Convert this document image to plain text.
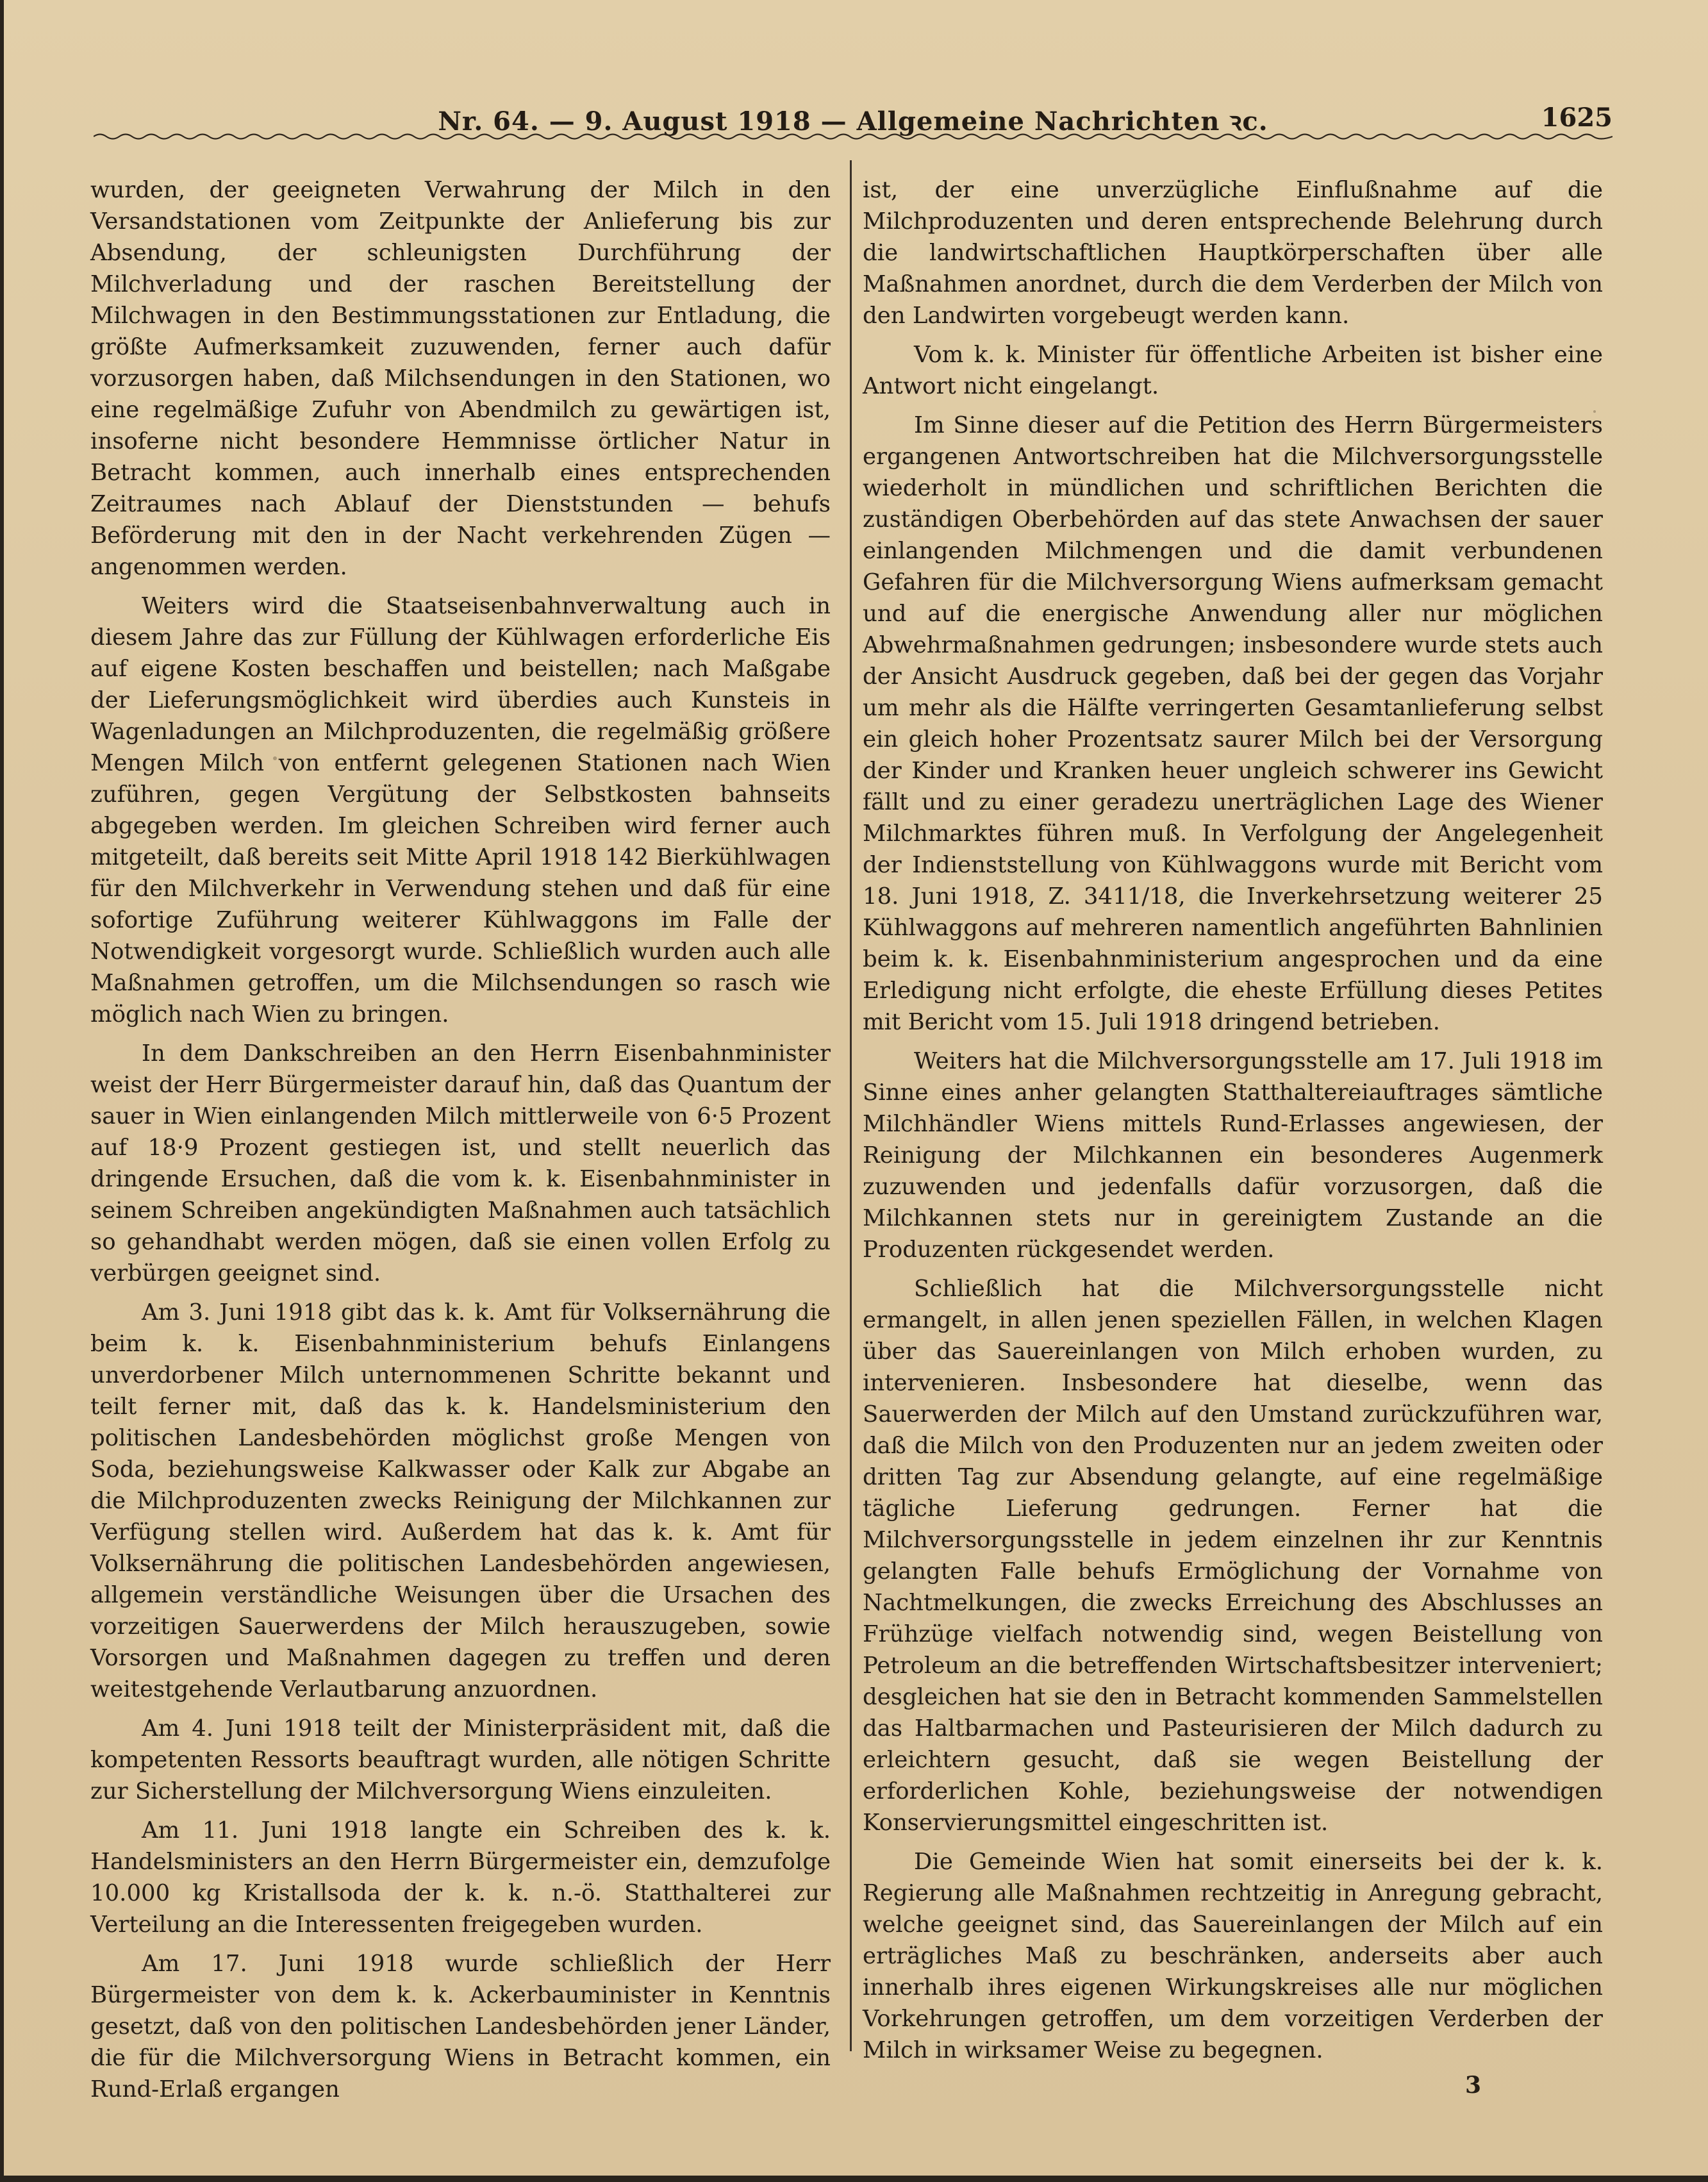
Nr. 64. — 9. August 1918 — Allgemeine Nachrichten ꝛc.	1625

wurden, der geeigneten Verwahrung der Milch in den Versandstationen vom Zeitpunkte der Anlieferung bis zur Absendung, der schleunigsten Durchführung der Milchverladung und der raschen Bereitstellung der Milchwagen in den Bestimmungsstationen zur Entladung, die größte Aufmerksamkeit zuzuwenden, ferner auch dafür vorzusorgen haben, daß Milchsendungen in den Stationen, wo eine regelmäßige Zufuhr von Abendmilch zu gewärtigen ist, insoferne nicht besondere Hemmnisse örtlicher Natur in Betracht kommen, auch innerhalb eines entsprechenden Zeitraumes nach Ablauf der Dienststunden — behufs Beförderung mit den in der Nacht verkehrenden Zügen — angenommen werden.

Weiters wird die Staatseisenbahnverwaltung auch in diesem Jahre das zur Füllung der Kühlwagen erforderliche Eis auf eigene Kosten beschaffen und beistellen; nach Maßgabe der Lieferungsmöglichkeit wird überdies auch Kunsteis in Wagenladungen an Milchproduzenten, die regelmäßig größere Mengen Milch von entfernt gelegenen Stationen nach Wien zuführen, gegen Vergütung der Selbstkosten bahnseits abgegeben werden. Im gleichen Schreiben wird ferner auch mitgeteilt, daß bereits seit Mitte April 1918 142 Bierkühlwagen für den Milchverkehr in Verwendung stehen und daß für eine sofortige Zuführung weiterer Kühlwaggons im Falle der Notwendigkeit vorgesorgt wurde. Schließlich wurden auch alle Maßnahmen getroffen, um die Milchsendungen so rasch wie möglich nach Wien zu bringen.

In dem Dankschreiben an den Herrn Eisenbahnminister weist der Herr Bürgermeister darauf hin, daß das Quantum der sauer in Wien einlangenden Milch mittlerweile von 6·5 Prozent auf 18·9 Prozent gestiegen ist, und stellt neuerlich das dringende Ersuchen, daß die vom k. k. Eisenbahnminister in seinem Schreiben angekündigten Maßnahmen auch tatsächlich so gehandhabt werden mögen, daß sie einen vollen Erfolg zu verbürgen geeignet sind.

Am 3. Juni 1918 gibt das k. k. Amt für Volksernährung die beim k. k. Eisenbahnministerium behufs Einlangens unverdorbener Milch unternommenen Schritte bekannt und teilt ferner mit, daß das k. k. Handelsministerium den politischen Landesbehörden möglichst große Mengen von Soda, beziehungsweise Kalkwasser oder Kalk zur Abgabe an die Milchproduzenten zwecks Reinigung der Milchkannen zur Verfügung stellen wird. Außerdem hat das k. k. Amt für Volksernährung die politischen Landesbehörden angewiesen, allgemein verständliche Weisungen über die Ursachen des vorzeitigen Sauerwerdens der Milch herauszugeben, sowie Vorsorgen und Maßnahmen dagegen zu treffen und deren weitestgehende Verlautbarung anzuordnen.

Am 4. Juni 1918 teilt der Ministerpräsident mit, daß die kompetenten Ressorts beauftragt wurden, alle nötigen Schritte zur Sicherstellung der Milchversorgung Wiens einzuleiten.

Am 11. Juni 1918 langte ein Schreiben des k. k. Handelsministers an den Herrn Bürgermeister ein, demzufolge 10.000 kg Kristallsoda der k. k. n.-ö. Statthalterei zur Verteilung an die Interessenten freigegeben wurden.

Am 17. Juni 1918 wurde schließlich der Herr Bürgermeister von dem k. k. Ackerbauminister in Kenntnis gesetzt, daß von den politischen Landesbehörden jener Länder, die für die Milchversorgung Wiens in Betracht kommen, ein Rund-Erlaß ergangen

ist, der eine unverzügliche Einflußnahme auf die Milchproduzenten und deren entsprechende Belehrung durch die landwirtschaftlichen Hauptkörperschaften über alle Maßnahmen anordnet, durch die dem Verderben der Milch von den Landwirten vorgebeugt werden kann.

Vom k. k. Minister für öffentliche Arbeiten ist bisher eine Antwort nicht eingelangt.

Im Sinne dieser auf die Petition des Herrn Bürgermeisters ergangenen Antwortschreiben hat die Milchversorgungsstelle wiederholt in mündlichen und schriftlichen Berichten die zuständigen Oberbehörden auf das stete Anwachsen der sauer einlangenden Milchmengen und die damit verbundenen Gefahren für die Milchversorgung Wiens aufmerksam gemacht und auf die energische Anwendung aller nur möglichen Abwehrmaßnahmen gedrungen; insbesondere wurde stets auch der Ansicht Ausdruck gegeben, daß bei der gegen das Vorjahr um mehr als die Hälfte verringerten Gesamtanlieferung selbst ein gleich hoher Prozentsatz saurer Milch bei der Versorgung der Kinder und Kranken heuer ungleich schwerer ins Gewicht fällt und zu einer geradezu unerträglichen Lage des Wiener Milchmarktes führen muß. In Verfolgung der Angelegenheit der Indienststellung von Kühlwaggons wurde mit Bericht vom 18. Juni 1918, Z. 3411/18, die Inverkehrsetzung weiterer 25 Kühlwaggons auf mehreren namentlich angeführten Bahnlinien beim k. k. Eisenbahnministerium angesprochen und da eine Erledigung nicht erfolgte, die eheste Erfüllung dieses Petites mit Bericht vom 15. Juli 1918 dringend betrieben.

Weiters hat die Milchversorgungsstelle am 17. Juli 1918 im Sinne eines anher gelangten Statthaltereiauftrages sämtliche Milchhändler Wiens mittels Rund-Erlasses angewiesen, der Reinigung der Milchkannen ein besonderes Augenmerk zuzuwenden und jedenfalls dafür vorzusorgen, daß die Milchkannen stets nur in gereinigtem Zustande an die Produzenten rückgesendet werden.

Schließlich hat die Milchversorgungsstelle nicht ermangelt, in allen jenen speziellen Fällen, in welchen Klagen über das Sauereinlangen von Milch erhoben wurden, zu intervenieren. Insbesondere hat dieselbe, wenn das Sauerwerden der Milch auf den Umstand zurückzuführen war, daß die Milch von den Produzenten nur an jedem zweiten oder dritten Tag zur Absendung gelangte, auf eine regelmäßige tägliche Lieferung gedrungen. Ferner hat die Milchversorgungsstelle in jedem einzelnen ihr zur Kenntnis gelangten Falle behufs Ermöglichung der Vornahme von Nachtmelkungen, die zwecks Erreichung des Abschlusses an Frühzüge vielfach notwendig sind, wegen Beistellung von Petroleum an die betreffenden Wirtschaftsbesitzer interveniert; desgleichen hat sie den in Betracht kommenden Sammelstellen das Haltbarmachen und Pasteurisieren der Milch dadurch zu erleichtern gesucht, daß sie wegen Beistellung der erforderlichen Kohle, beziehungsweise der notwendigen Konservierungsmittel eingeschritten ist.

Die Gemeinde Wien hat somit einerseits bei der k. k. Regierung alle Maßnahmen rechtzeitig in Anregung gebracht, welche geeignet sind, das Sauereinlangen der Milch auf ein erträgliches Maß zu beschränken, anderseits aber auch innerhalb ihres eigenen Wirkungskreises alle nur möglichen Vorkehrungen getroffen, um dem vorzeitigen Verderben der Milch in wirksamer Weise zu begegnen.

3
